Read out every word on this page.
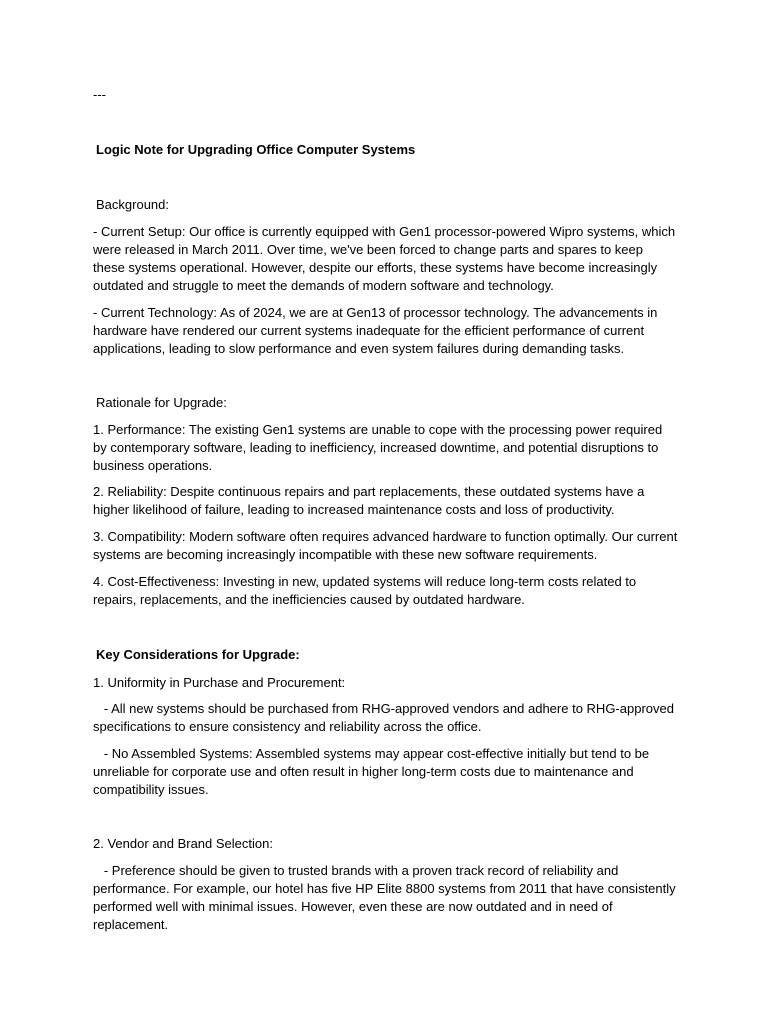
---

Logic Note for Upgrading Office Computer Systems

Background:

- Current Setup: Our office is currently equipped with Gen1 processor-powered Wipro systems, which were released in March 2011. Over time, we've been forced to change parts and spares to keep these systems operational. However, despite our efforts, these systems have become increasingly outdated and struggle to meet the demands of modern software and technology.

- Current Technology: As of 2024, we are at Gen13 of processor technology. The advancements in hardware have rendered our current systems inadequate for the efficient performance of current applications, leading to slow performance and even system failures during demanding tasks.

Rationale for Upgrade:

1. Performance: The existing Gen1 systems are unable to cope with the processing power required by contemporary software, leading to inefficiency, increased downtime, and potential disruptions to business operations.

2. Reliability: Despite continuous repairs and part replacements, these outdated systems have a higher likelihood of failure, leading to increased maintenance costs and loss of productivity.

3. Compatibility: Modern software often requires advanced hardware to function optimally. Our current systems are becoming increasingly incompatible with these new software requirements.

4. Cost-Effectiveness: Investing in new, updated systems will reduce long-term costs related to repairs, replacements, and the inefficiencies caused by outdated hardware.

Key Considerations for Upgrade:

1. Uniformity in Purchase and Procurement:

- All new systems should be purchased from RHG-approved vendors and adhere to RHG-approved specifications to ensure consistency and reliability across the office.

- No Assembled Systems: Assembled systems may appear cost-effective initially but tend to be unreliable for corporate use and often result in higher long-term costs due to maintenance and compatibility issues.

2. Vendor and Brand Selection:

- Preference should be given to trusted brands with a proven track record of reliability and performance. For example, our hotel has five HP Elite 8800 systems from 2011 that have consistently performed well with minimal issues. However, even these are now outdated and in need of replacement.
